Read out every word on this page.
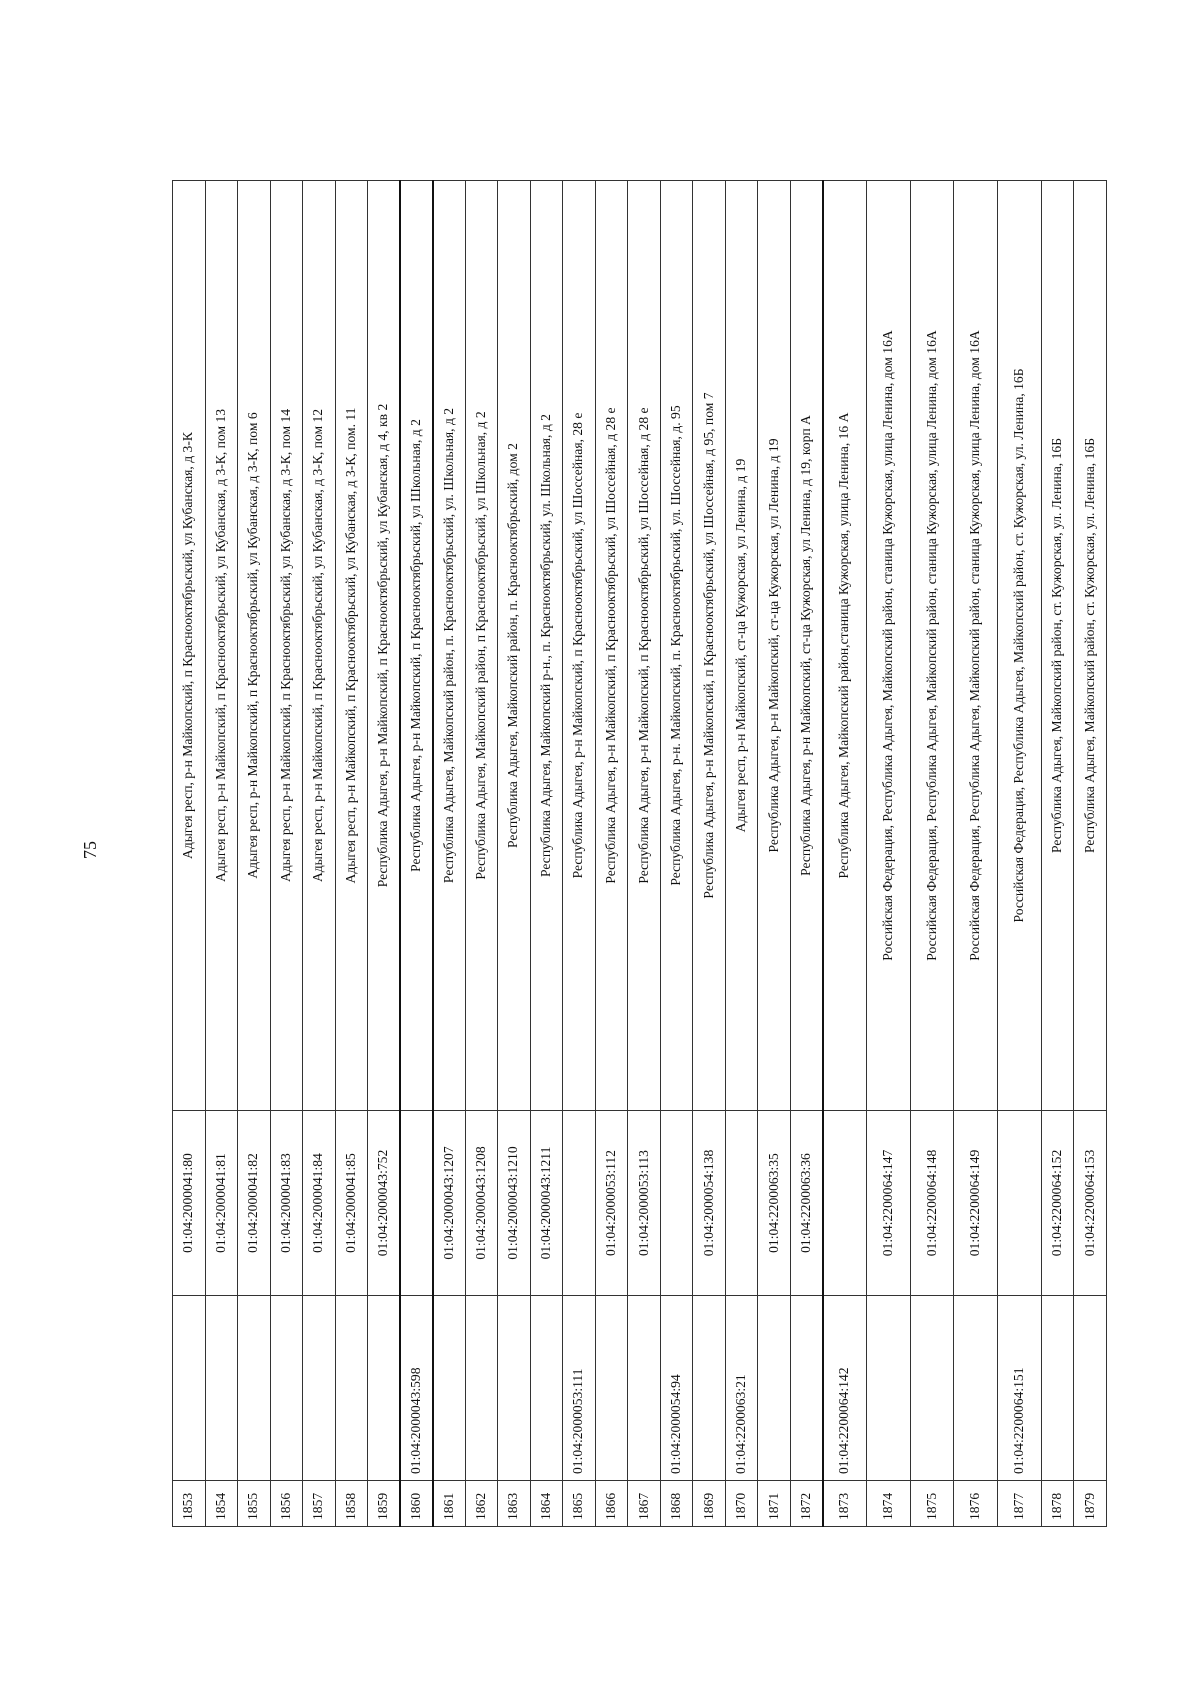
75
1853		01:04:2000041:80	Адыгея респ, р-н Майкопский, п Краснооктябрьский, ул Кубанская, д 3-К
1854		01:04:2000041:81	Адыгея респ, р-н Майкопский, п Краснооктябрьский, ул Кубанская, д 3-К, пом 13
1855		01:04:2000041:82	Адыгея респ, р-н Майкопский, п Краснооктябрьский, ул Кубанская, д 3-К, пом 6
1856		01:04:2000041:83	Адыгея респ, р-н Майкопский, п Краснооктябрьский, ул Кубанская, д 3-К, пом 14
1857		01:04:2000041:84	Адыгея респ, р-н Майкопский, п Краснооктябрьский, ул Кубанская, д 3-К, пом 12
1858		01:04:2000041:85	Адыгея респ, р-н Майкопский, п Краснооктябрьский, ул Кубанская, д 3-К, пом. 11
1859		01:04:2000043:752	Республика Адыгея, р-н Майкопский, п Краснооктябрьский, ул Кубанская, д 4, кв 2
1860	01:04:2000043:598		Республика Адыгея, р-н Майкопский, п Краснооктябрьский, ул Школьная, д 2
1861		01:04:2000043:1207	Республика Адыгея, Майкопский район, п. Краснооктябрьский, ул. Школьная, д 2
1862		01:04:2000043:1208	Республика Адыгея, Майкопский район, п Краснооктябрьский, ул Школьная, д 2
1863		01:04:2000043:1210	Республика Адыгея, Майкопский район, п. Краснооктябрьский, дом 2
1864		01:04:2000043:1211	Республика Адыгея, Майкопский р-н., п. Краснооктябрьский, ул. Школьная, д 2
1865	01:04:2000053:111		Республика Адыгея, р-н Майкопский, п Краснооктябрьский, ул Шоссейная, 28 е
1866		01:04:2000053:112	Республика Адыгея, р-н Майкопский, п Краснооктябрьский, ул Шоссейная, д 28 е
1867		01:04:2000053:113	Республика Адыгея, р-н Майкопский, п Краснооктябрьский, ул Шоссейная, д 28 е
1868	01:04:2000054:94		Республика Адыгея, р-н. Майкопский, п. Краснооктябрьский, ул. Шоссейная, д. 95
1869		01:04:2000054:138	Республика Адыгея, р-н Майкопский, п Краснооктябрьский, ул Шоссейная, д 95, пом 7
1870	01:04:2200063:21		Адыгея респ, р-н Майкопский, ст-ца Кужорская, ул Ленина, д 19
1871		01:04:2200063:35	Республика Адыгея, р-н Майкопский, ст-ца Кужорская, ул Ленина, д 19
1872		01:04:2200063:36	Республика Адыгея, р-н Майкопский, ст-ца Кужорская, ул Ленина, д 19, корп А
1873	01:04:2200064:142		Республика Адыгея, Майкопский район,станица Кужорская, улица Ленина, 16 А
1874		01:04:2200064:147	Российская Федерация, Республика Адыгея, Майкопский район, станица Кужорская, улица Ленина, дом 16А
1875		01:04:2200064:148	Российская Федерация, Республика Адыгея, Майкопский район, станица Кужорская, улица Ленина, дом 16А
1876		01:04:2200064:149	Российская Федерация, Республика Адыгея, Майкопский район, станица Кужорская, улица Ленина, дом 16А
1877	01:04:2200064:151		Российская Федерация, Республика Адыгея, Майкопский район, ст. Кужорская, ул. Ленина, 16Б
1878		01:04:2200064:152	Республика Адыгея, Майкопский район, ст. Кужорская, ул. Ленина, 16Б
1879		01:04:2200064:153	Республика Адыгея, Майкопский район, ст. Кужорская, ул. Ленина, 16Б
